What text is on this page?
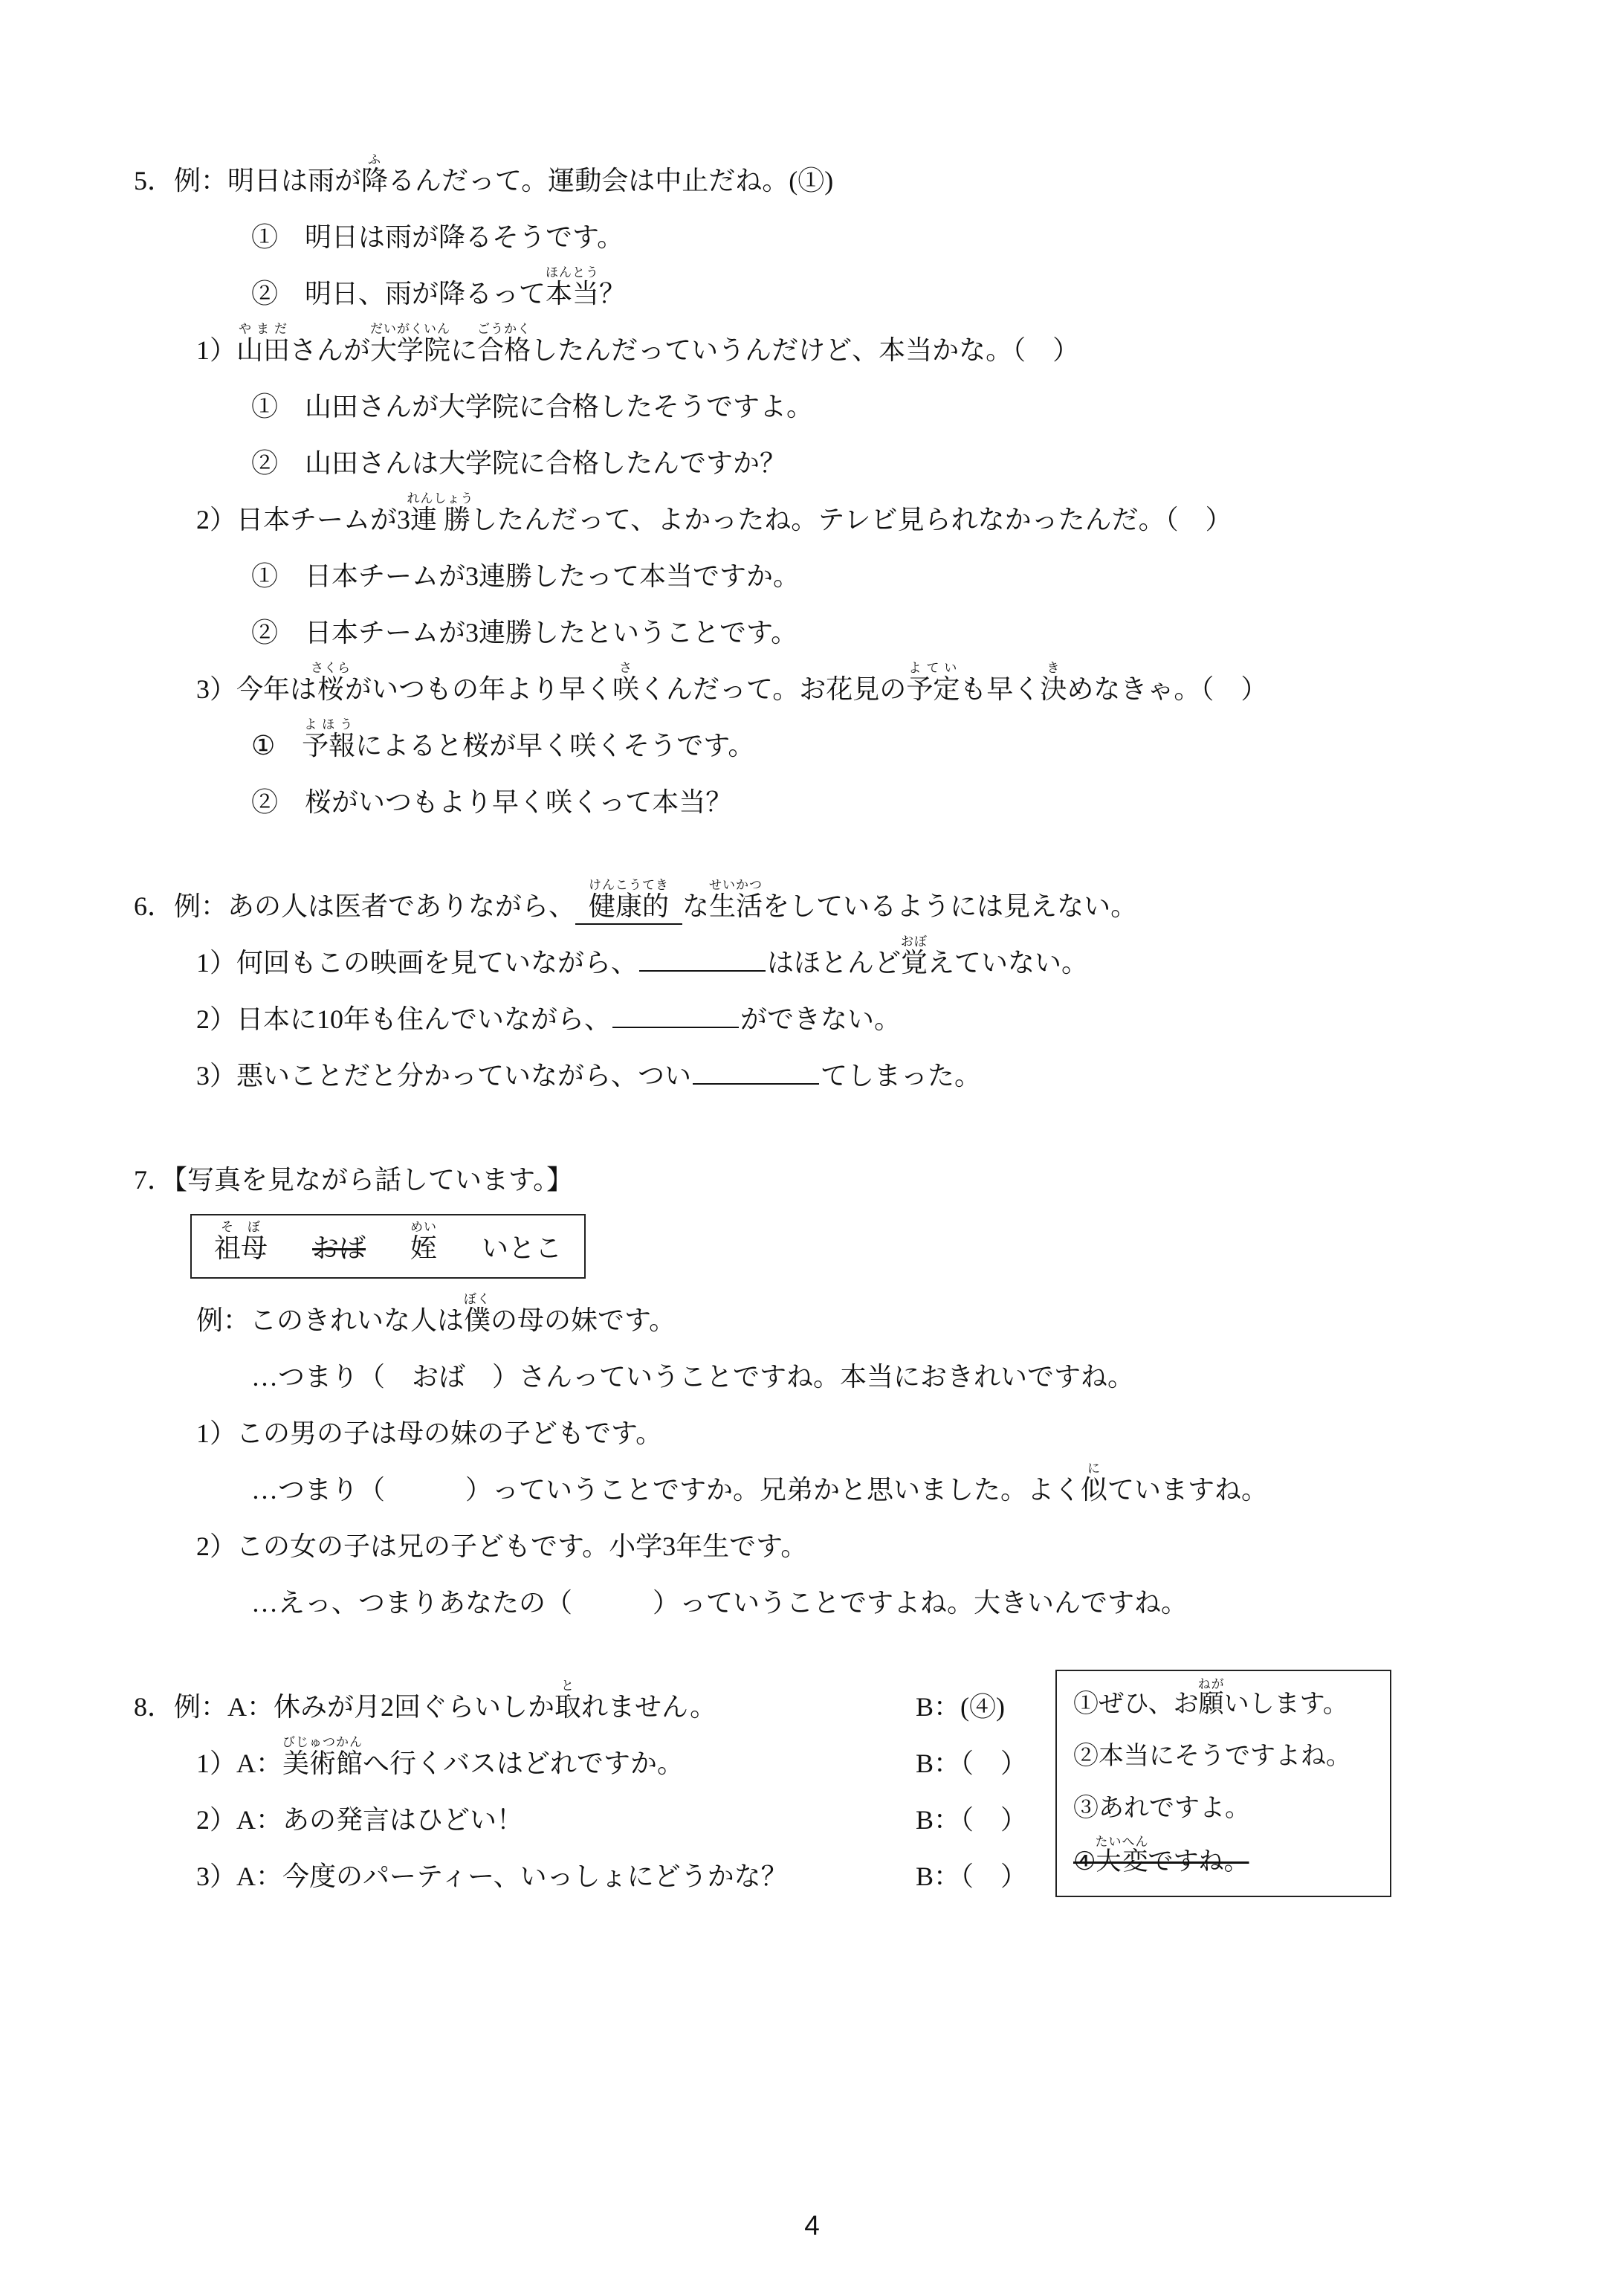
5．例：明日は雨が降ふるんだって。運動会は中止だね。(①)
①　明日は雨が降るそうです。
②　明日、雨が降るって本当ほんとう？
1）山田やまださんが大学院だいがくいんに合格ごうかくしたんだっていうんだけど、本当かな。（　）
①　山田さんが大学院に合格したそうですよ。
②　山田さんは大学院に合格したんですか？
2）日本チームが3連勝れんしょうしたんだって、よかったね。テレビ見られなかったんだ。（　）
①　日本チームが3連勝したって本当ですか。
②　日本チームが3連勝したということです。
3）今年は桜さくらがいつもの年より早く咲さくんだって。お花見の予定よていも早く決きめなきゃ。（　）
①　予報よほうによると桜が早く咲くそうです。
②　桜がいつもより早く咲くって本当？
6．例：あの人は医者でありながら、 健康的けんこうてきな生活せいかつをしているようには見えない。
1）何回もこの映画を見ていながら、	はほとんど覚おぼえていない。
2）日本に10年も住んでいながら、	ができない。
3）悪いことだと分かっていながら、つい	てしまった。
7．【写真を見ながら話しています。】
祖母そぼ
おば 姪めい
いとこ
例：このきれいな人は僕ぼくの母の妹です。
…つまり（　おば　）さんっていうことですね。本当におきれいですね。
1）この男の子は母の妹の子どもです。
…つまり（　　　）っていうことですか。兄弟かと思いました。よく似にていますね。
2）この女の子は兄の子どもです。小学3年生です。
…えっ、つまりあなたの（　　　）っていうことですよね。大きいんですね。
8．例：A：休みが月2回ぐらいしか取とれません。	B：(④)
1）A：美術館びじゅつかんへ行くバスはどれですか。	B：（　）
2）A：あの発言はひどい！	B：（　）
3）A：今度のパーティー、いっしょにどうかな？	B：（　）
①ぜひ、お願ねがいします。
②本当にそうですよね。
③あれですよ。
④大変たいへんですね。
4
